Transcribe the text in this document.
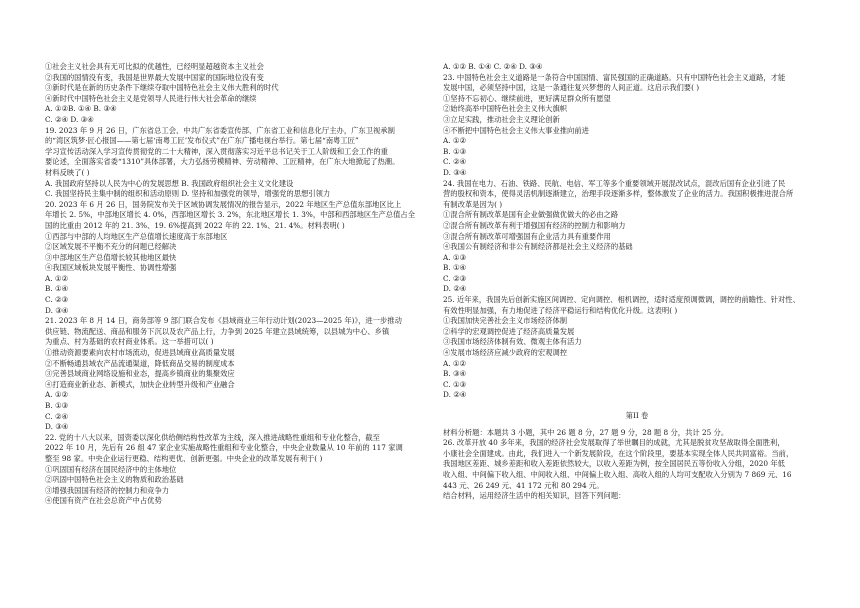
①社会主义社会具有无可比拟的优越性，已经明显超越资本主义社会
②我国的国情没有变，我国是世界最大发展中国家的国际地位没有变
③新时代是在新的历史条件下继续夺取中国特色社会主义伟大胜利的时代
④新时代中国特色社会主义是党领导人民进行伟大社会革命的继续
A. ①②B. ①④ B. ③④
C. ②④ D. ③④
19. 2023 年 9 月 26 日，广东省总工会、中共广东省委宣传部、广东省工业和信息化厅主办，广东卫视承制
的“湾区筑梦·匠心报国——第七届‘南粤工匠’发布仪式”在广东广播电视台举行。第七届“南粤工匠”
学习宣传活动深入学习宣传贯彻党的二十大精神，深入贯彻落实习近平总书记关于工人阶级和工会工作的重
要论述，全面落实省委“1310”具体部署，大力弘扬劳模精神、劳动精神、工匠精神，在广东大地掀起了热潮。
材料反映了( )
A. 我国政府坚持以人民为中心的发展思想 B. 我国政府组织社会主义文化建设
C. 我国坚持民主集中制的组织和活动原则 D. 坚持和加强党的领导，增强党的思想引领力
20. 2023 年 6 月 26 日，国务院发布关于区域协调发展情况的报告显示，2022 年地区生产总值东部地区比上
年增长 2. 5%，中部地区增长 4. 0%，西部地区增长 3. 2%，东北地区增长 1. 3%，中部和西部地区生产总值占全
国的比重由 2012 年的 21. 3%、19. 6%提高到 2022 年的 22. 1%、21. 4%。材料表明( )
①西部与中部的人均地区生产总值增长速度高于东部地区
②区域发展不平衡不充分的问题已经解决
③中部地区生产总值增长较其他地区最快
④我国区域板块发展平衡性、协调性增强
A. ①②
B. ①④
C. ②③
D. ③④
21. 2023 年 8 月 14 日，商务部等 9 部门联合发布《县域商业三年行动计划(2023—2025 年)》，进一步推动
供应链、物流配送、商品和服务下沉以及农产品上行，力争到 2025 年建立县域统筹，以县城为中心、乡镇
为重点、村为基础的农村商业体系。这一举措可以( )
①推动资源要素向农村市场流动，促进县域商业高质量发展
②不断畅通县域农产品流通渠道，降低商品交易的制度成本
③完善县域商业网络设施和业态，提高乡镇商业的集聚效应
④打造商业新业态、新模式，加快企业转型升级和产业融合
A. ①②
B. ①③
C. ②④
D. ③④
22. 党的十八大以来，国资委以深化供给侧结构性改革为主线，深入推进战略性重组和专业化整合，截至
2022 年 10 月，先后有 26 组 47 家企业实施战略性重组和专业化整合，中央企业数量从 10 年前的 117 家调
整至 98 家。中央企业运行更稳、结构更优、创新更强。中央企业的改革发展有利于( )
①巩固国有经济在国民经济中的主体地位
②巩固中国特色社会主义的物质和政治基础
③增强我国国有经济的控制力和竞争力
④使国有资产在社会总资产中占优势
A. ①② B. ①④ C. ②④ D. ③④
23. 中国特色社会主义道路是一条符合中国国情、富民强国的正确道路。只有中国特色社会主义道路，才能
发展中国，必须坚持中国，这是一条通往复兴梦想的人间正道。这启示我们要( )
①坚持不忘初心、继续前进，更好满足群众所有愿望
②始终高举中国特色社会主义伟大旗帜
③立足实践，推动社会主义理论创新
④不断把中国特色社会主义伟大事业推向前进
A. ①②
B. ①③
C. ②④
D. ③④
24. 我国在电力、石油、铁路、民航、电信、军工等多个重要领域开展混改试点，混改后国有企业引进了民
营的股权和资本，使得灵活机制逐渐建立，治理手段逐渐多样，整体激发了企业的活力。我国积极推进混合所
有制改革是因为( )
①混合所有制改革是国有企业做强做优做大的必由之路
②混合所有制改革有利于增强国有经济的控制力和影响力
③混合所有制改革可增强国有企业活力具有重要作用
④我国公有制经济和非公有制经济都是社会主义经济的基础
A. ①③
B. ①④
C. ②③
D. ②④
25. 近年来，我国先后创新实施区间调控、定向调控、相机调控，适时适度预调微调，调控的前瞻性、针对性、
有效性明显加强，有力地促进了经济平稳运行和结构优化升级。这表明( )
①我国加快完善社会主义市场经济体制
②科学的宏观调控促进了经济高质量发展
③我国市场经济体制有效、微观主体有活力
④发展市场经济应减少政府的宏观调控
A. ①②
B. ③④
C. ①③
D. ②④
第II 卷
材料分析题：本题共 3 小题，其中 26 题 8 分，27 题 9 分，28 题 8 分，共计 25 分。
26. 改革开放 40 多年来，我国的经济社会发展取得了举世瞩目的成就，尤其是脱贫攻坚战取得全面胜利，
小康社会全面建成。由此，我们进入一个新发展阶段，在这个阶段里，要基本实现全体人民共同富裕。当前，
我国地区差距、城乡差距和收入差距依然较大，以收入差距为例，按全国居民五等份收入分组，2020 年低
收入组、中间偏下收入组、中间收入组、中间偏上收入组、高收入组的人均可支配收入分别为 7 869 元、16
443 元、26 249 元、41 172 元和 80 294 元。
结合材料，运用经济生活中的相关知识，回答下列问题：
